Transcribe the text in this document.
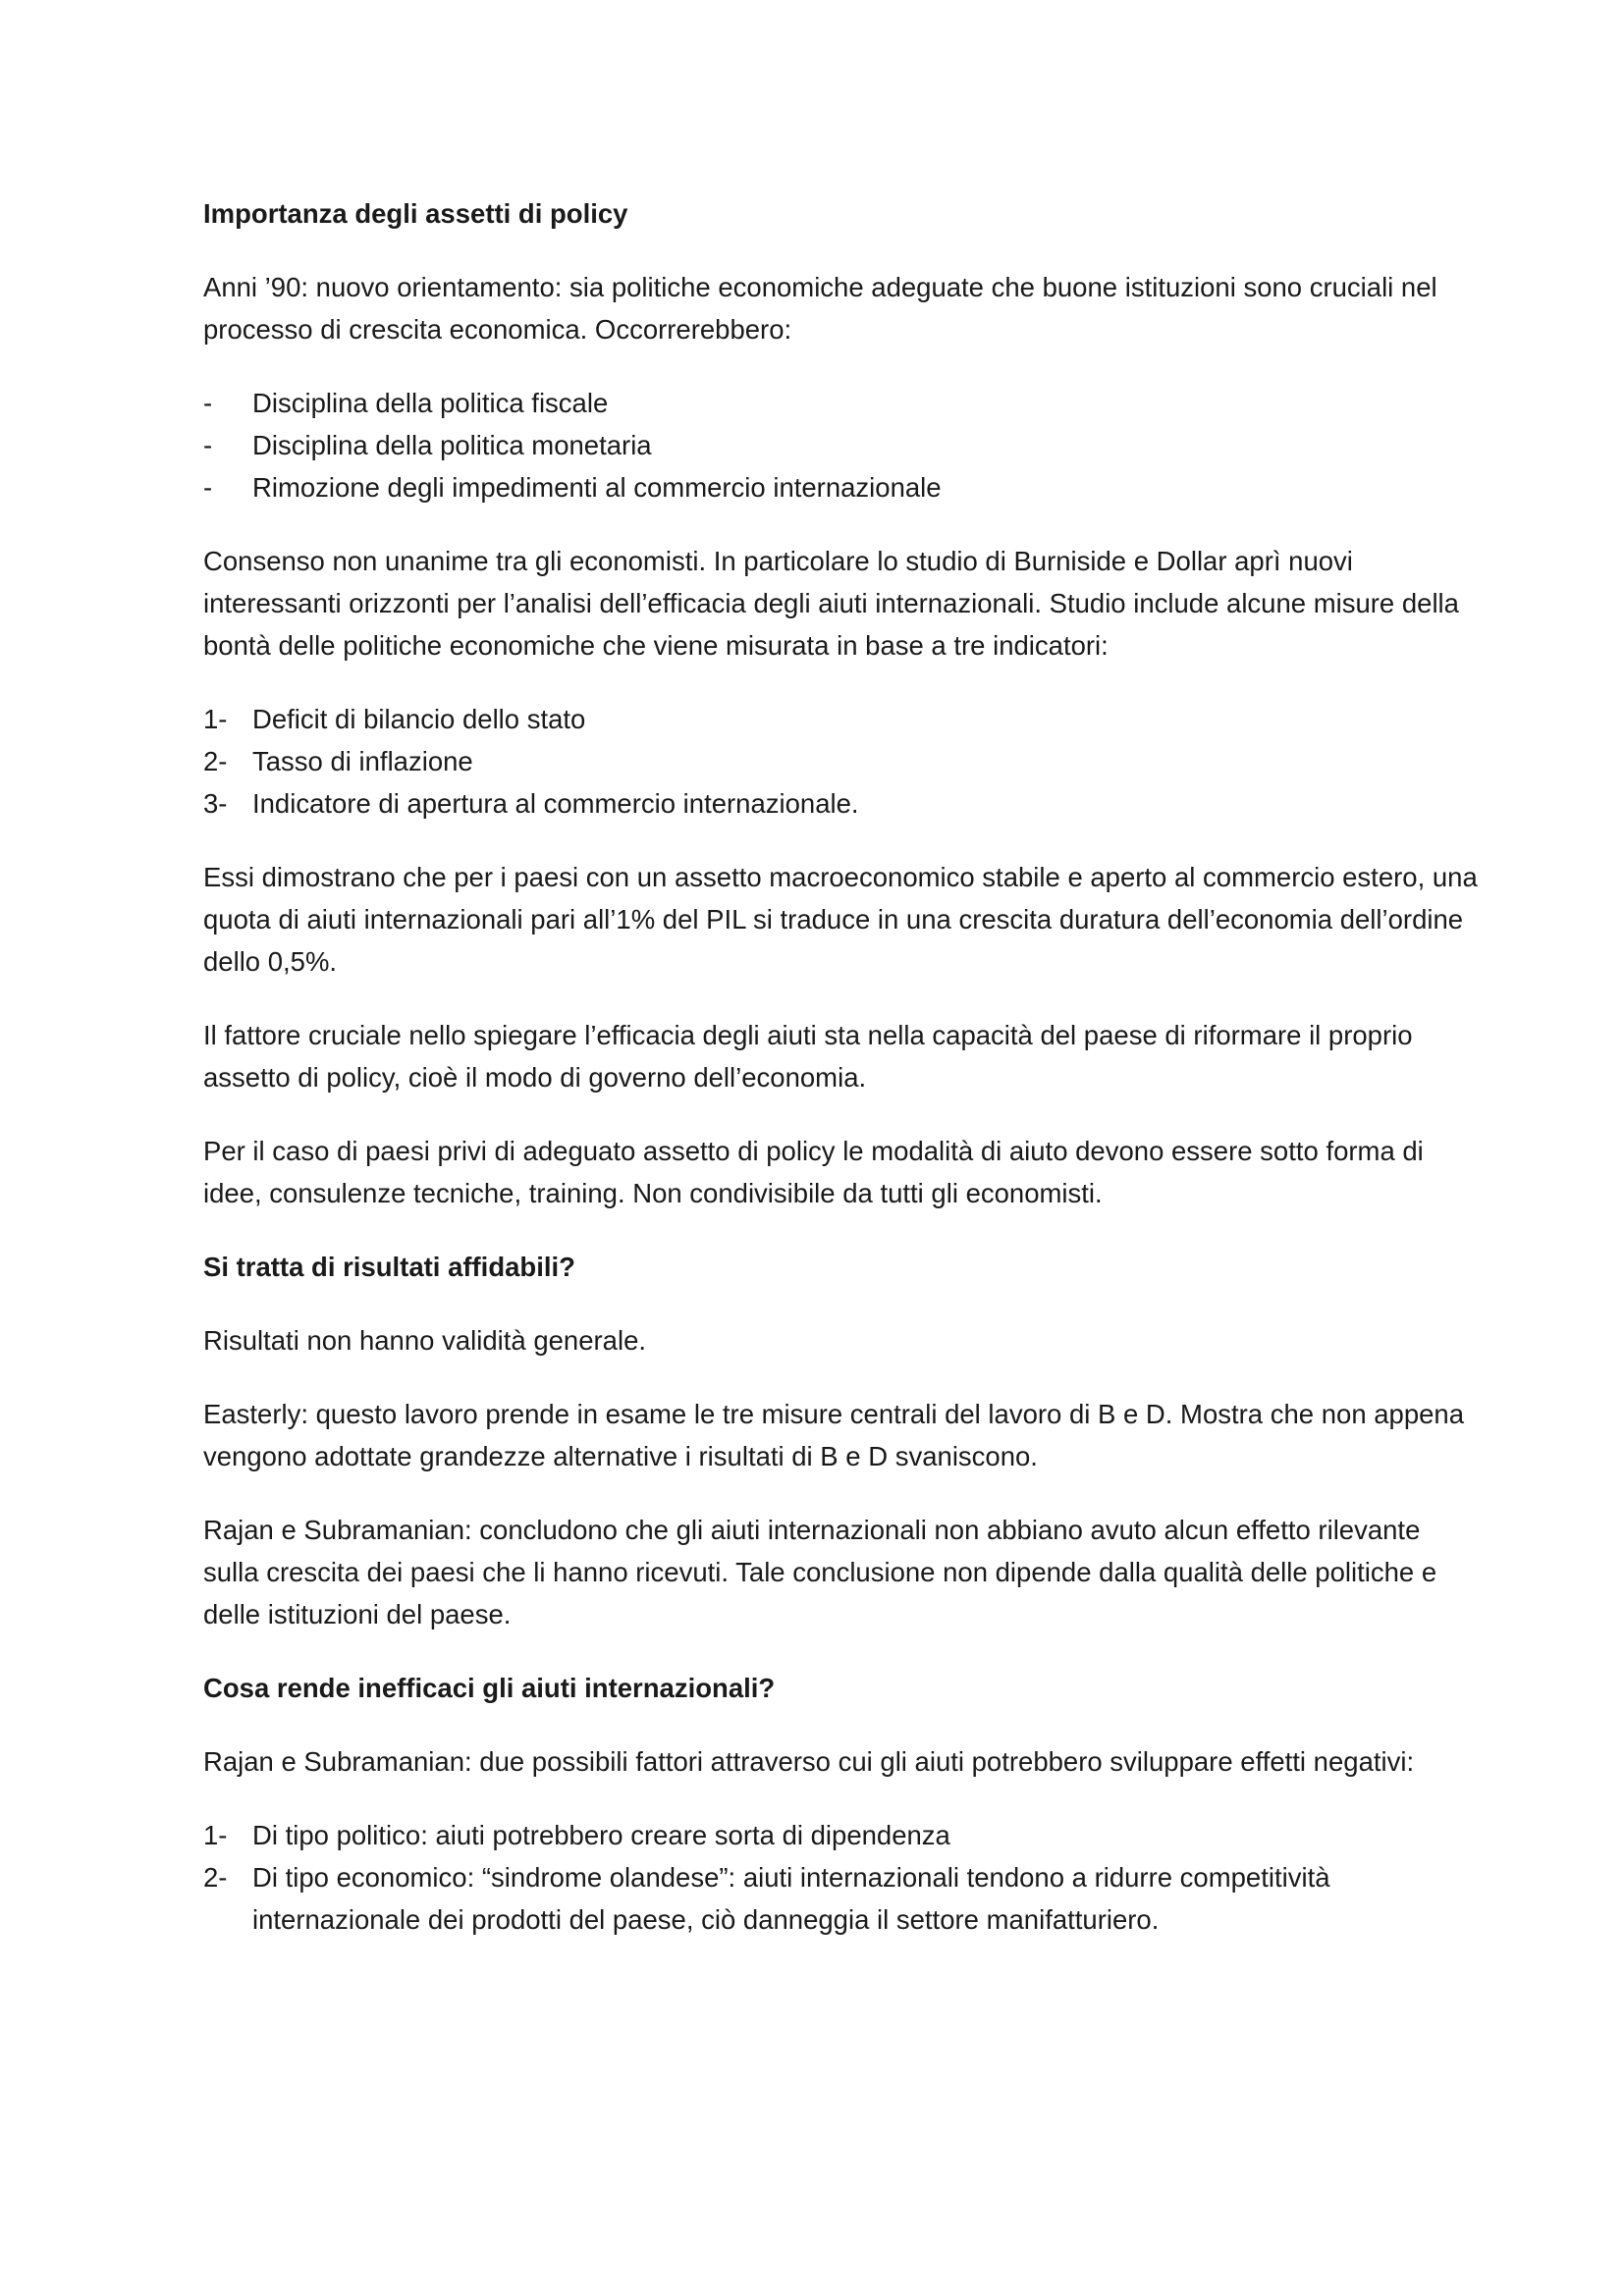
Importanza degli assetti di policy

Anni ’90: nuovo orientamento: sia politiche economiche adeguate che buone istituzioni sono cruciali nel processo di crescita economica. Occorrerebbero:

-	Disciplina della politica fiscale
-	Disciplina della politica monetaria
-	Rimozione degli impedimenti al commercio internazionale

Consenso non unanime tra gli economisti. In particolare lo studio di Burniside e Dollar aprì nuovi interessanti orizzonti per l’analisi dell’efficacia degli aiuti internazionali. Studio include alcune misure della bontà delle politiche economiche che viene misurata in base a tre indicatori:

1- Deficit di bilancio dello stato
2- Tasso di inflazione
3- Indicatore di apertura al commercio internazionale.

Essi dimostrano che per i paesi con un assetto macroeconomico stabile e aperto al commercio estero, una quota di aiuti internazionali pari all’1% del PIL si traduce in una crescita duratura dell’economia dell’ordine dello 0,5%.

Il fattore cruciale nello spiegare l’efficacia degli aiuti sta nella capacità del paese di riformare il proprio assetto di policy, cioè il modo di governo dell’economia.

Per il caso di paesi privi di adeguato assetto di policy le modalità di aiuto devono essere sotto forma di idee, consulenze tecniche, training. Non condivisibile da tutti gli economisti.

Si tratta di risultati affidabili?

Risultati non hanno validità generale.

Easterly: questo lavoro prende in esame le tre misure centrali del lavoro di B e D. Mostra che non appena vengono adottate grandezze alternative i risultati di B e D svaniscono.

Rajan e Subramanian: concludono che gli aiuti internazionali non abbiano avuto alcun effetto rilevante sulla crescita dei paesi che li hanno ricevuti. Tale conclusione non dipende dalla qualità delle politiche e delle istituzioni del paese.

Cosa rende inefficaci gli aiuti internazionali?

Rajan e Subramanian: due possibili fattori attraverso cui gli aiuti potrebbero sviluppare effetti negativi:

1- Di tipo politico: aiuti potrebbero creare sorta di dipendenza
2- Di tipo economico: “sindrome olandese”: aiuti internazionali tendono a ridurre competitività internazionale dei prodotti del paese, ciò danneggia il settore manifatturiero.
